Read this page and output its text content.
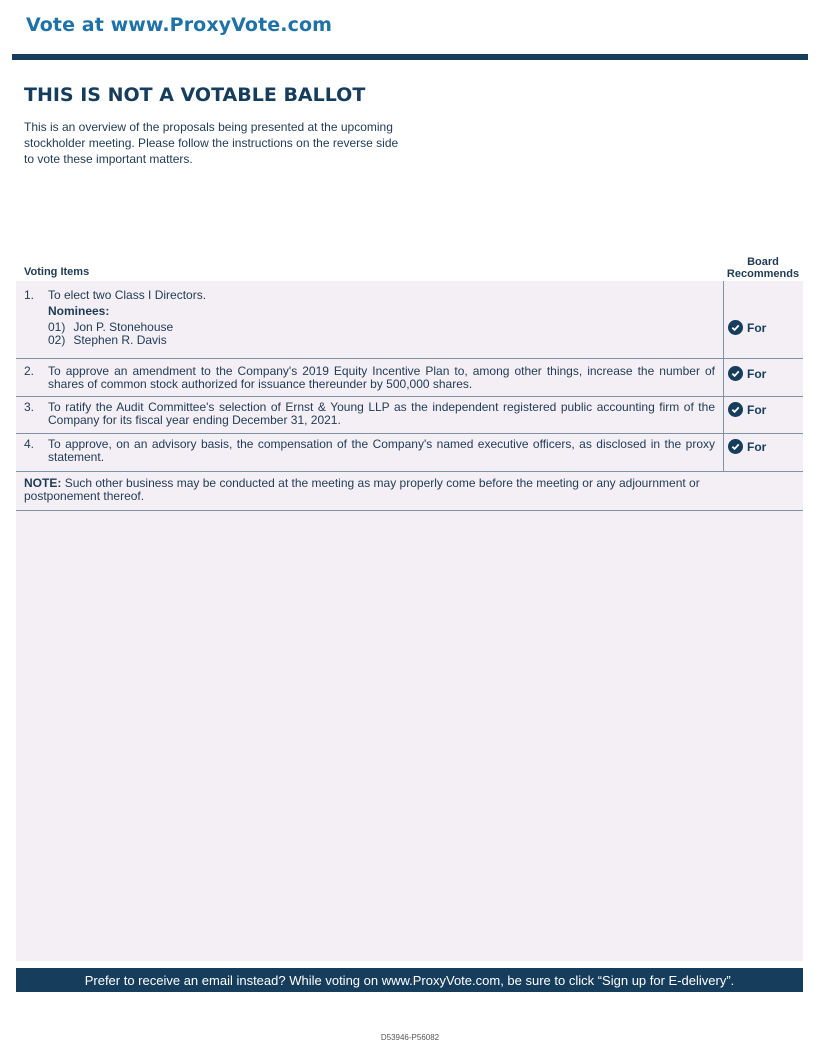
Vote at www.ProxyVote.com
THIS IS NOT A VOTABLE BALLOT
This is an overview of the proposals being presented at the upcoming stockholder meeting. Please follow the instructions on the reverse side to vote these important matters.
Voting Items
Board Recommends
1. To elect two Class I Directors.
Nominees:
01) Jon P. Stonehouse
02) Stephen R. Davis
For
2. To approve an amendment to the Company's 2019 Equity Incentive Plan to, among other things, increase the number of shares of common stock authorized for issuance thereunder by 500,000 shares.
For
3. To ratify the Audit Committee's selection of Ernst & Young LLP as the independent registered public accounting firm of the Company for its fiscal year ending December 31, 2021.
For
4. To approve, on an advisory basis, the compensation of the Company's named executive officers, as disclosed in the proxy statement.
For
NOTE: Such other business may be conducted at the meeting as may properly come before the meeting or any adjournment or postponement thereof.
Prefer to receive an email instead? While voting on www.ProxyVote.com, be sure to click “Sign up for E-delivery”.
D53946-P56082
